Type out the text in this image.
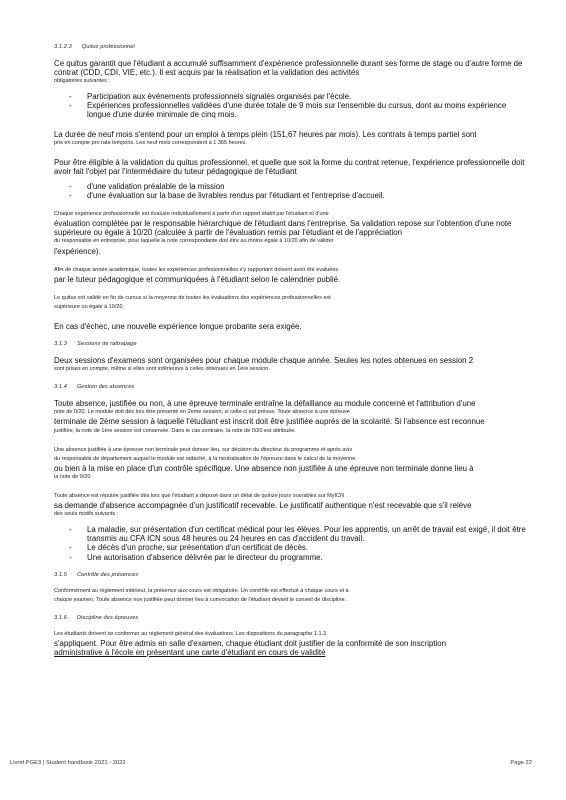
3.1.2.3 Quitus professionnel

Ce quitus garantit que l'étudiant a accumulé suffisamment d'expérience professionnelle durant ses forme de stage ou d'autre forme de contrat (CDD, CDI, VIE, etc.). Il est acquis par la réalisation et la validation des activités

obligatoires suivantes :

- Participation aux événements professionnels signalés organisés par l'école.
- Expériences professionnelles validées d'une durée totale de 9 mois sur l'ensemble du cursus, dont au moins expérience longue d'une durée minimale de cinq mois.

La durée de neuf mois s'entend pour un emploi à temps plein (151,67 heures par mois). Les contrats à temps partiel sont

pris en compte pro rata temporis. Les neuf mois correspondent à 1 365 heures.

Pour être éligible à la validation du quitus professionnel, et quelle que soit la forme du contrat retenue, l'expérience professionnelle doit avoir fait l'objet par l'intermédiaire du tuteur pédagogique de l'étudiant

- d'une validation préalable de la mission
- d'une évaluation sur la base de livrables rendus par l'étudiant et l'entreprise d'accueil.

Chaque expérience professionnelle est évaluée individuellement à partir d'un rapport établi par l'étudiant et d'une

évaluation complétée par le responsable hiérarchique de l'étudiant dans l'entreprise. Sa validation repose sur l'obtention d'une note supérieure ou égale à 10/20 (calculée à partir de l'évaluation remis par l'étudiant et de l'appréciation

du responsable en entreprise, pour laquelle la note correspondante doit être au moins égale à 10/20 afin de valider

l'expérience).

Afin de chaque année académique, toutes les expériences professionnelles s'y rapportant doivent avoir été évaluées

par le tuteur pédagogique et communiquées à l'étudiant selon le calendrier publié.

Le quitus est validé en fin de cursus si la moyenne de toutes les évaluations des expériences professionnelles est

supérieure ou égale à 10/20.

En cas d'échec, une nouvelle expérience longue probante sera exigée.

3.1.3 Sessions de rattrapage

Deux sessions d'examens sont organisées pour chaque module chaque année. Seules les notes obtenues en session 2

sont prises en compte, même si elles sont inférieures à celles obtenues en 1ère session.

3.1.4 Gestion des absences

Toute absence, justifiée ou non, à une épreuve terminale entraîne la défaillance au module concerné et l'attribution d'une

note de 0/20. Le module doit dès lors être présenté en 2ème session, si celle-ci est prévue. Toute absence à une épreuve

terminale de 2ème session à laquelle l'étudiant est inscrit doit être justifiée auprès de la scolarité. Si l'absence est reconnue

justifiée, la note de 1ère session est conservée. Dans le cas contraire, la note de 0/20 est attribuée.

Une absence justifiée à une épreuve non terminale peut donner lieu, sur décision du directeur du programme et après avis

du responsable de département auquel le module est rattaché, à la neutralisation de l'épreuve dans le calcul de la moyenne

ou bien à la mise en place d'un contrôle spécifique. Une absence non justifiée à une épreuve non terminale donne lieu à

la note de 0/20.

Toute absence est réputée justifiée dès lors que l'étudiant a déposé dans un délai de quinze jours ouvrables sur MyICN

sa demande d'absence accompagnée d'un justificatif recevable. Le justificatif authentique n'est recevable que s'il relève

des seuls motifs suivants :

- La maladie, sur présentation d'un certificat médical pour les élèves. Pour les apprentis, un arrêt de travail est exigé, il doit être transmis au CFA ICN sous 48 heures ou 24 heures en cas d'accident du travail.
- Le décès d'un proche, sur présentation d'un certificat de décès.
- Une autorisation d'absence délivrée par le directeur du programme.
3.1.5 Contrôle des présences

Conformément au règlement intérieur, la présence aux cours est obligatoire. Un contrôle est effectué à chaque cours et à

chaque examen. Toute absence non justifiée peut donner lieu à convocation de l'étudiant devant le conseil de discipline.

3.1.6 Discipline des épreuves

Les étudiants doivent se conformer au règlement général des évaluations. Les dispositions du paragraphe 1.1.3

s'appliquent. Pour être admis en salle d'examen, chaque étudiant doit justifier de la conformité de son inscription

administrative à l'école en présentant une carte d'étudiant en cours de validité

Livret PGE3 | Student handbook 2021 - 2022	Page 22
